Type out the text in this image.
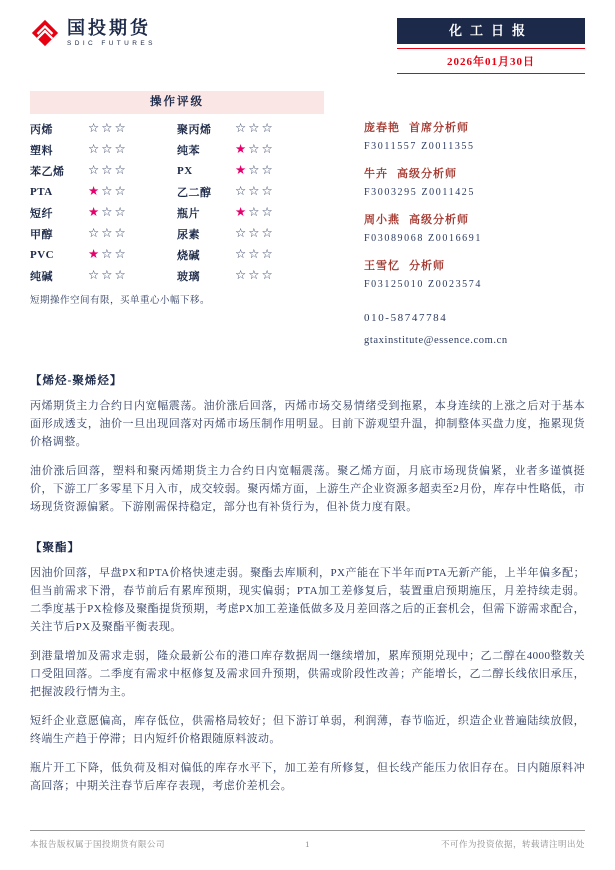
国投期货
SDIC FUTURES
化工日报
2026年01月30日
操作评级
丙烯	☆☆☆	聚丙烯	☆☆☆
塑料	☆☆☆	纯苯	★☆☆
苯乙烯	☆☆☆	PX	★☆☆
PTA	★☆☆	乙二醇	☆☆☆
短纤	★☆☆	瓶片	★☆☆
甲醇	☆☆☆	尿素	☆☆☆
PVC	★☆☆	烧碱	☆☆☆
纯碱	☆☆☆	玻璃	☆☆☆
短期操作空间有限，买单重心小幅下移。
庞春艳 首席分析师
F3011557 Z0011355
牛卉 高级分析师
F3003295 Z0011425
周小燕 高级分析师
F03089068 Z0016691
王雪忆 分析师
F03125010 Z0023574
010-58747784
gtaxinstitute@essence.com.cn
【烯烃-聚烯烃】

丙烯期货主力合约日内宽幅震荡。油价涨后回落，丙烯市场交易情绪受到拖累，本身连续的上涨之后对于基本面形成透支，油价一旦出现回落对丙烯市场压制作用明显。目前下游观望升温，抑制整体买盘力度，拖累现货价格调整。

油价涨后回落，塑料和聚丙烯期货主力合约日内宽幅震荡。聚乙烯方面，月底市场现货偏紧，业者多谨慎挺价，下游工厂多零星下月入市，成交较弱。聚丙烯方面，上游生产企业资源多超卖至2月份，库存中性略低，市场现货资源偏紧。下游刚需保持稳定，部分也有补货行为，但补货力度有限。

【聚酯】

因油价回落，早盘PX和PTA价格快速走弱。聚酯去库顺利，PX产能在下半年而PTA无新产能，上半年偏多配；但当前需求下滑，春节前后有累库预期，现实偏弱；PTA加工差修复后，装置重启预期施压，月差持续走弱。二季度基于PX检修及聚酯提货预期，考虑PX加工差逢低做多及月差回落之后的正套机会，但需下游需求配合，关注节后PX及聚酯平衡表现。

到港量增加及需求走弱，隆众最新公布的港口库存数据周一继续增加，累库预期兑现中；乙二醇在4000整数关口受阻回落。二季度有需求中枢修复及需求回升预期，供需或阶段性改善；产能增长，乙二醇长线依旧承压，把握波段行情为主。

短纤企业意愿偏高，库存低位，供需格局较好；但下游订单弱，利润薄，春节临近，织造企业普遍陆续放假，终端生产趋于停滞；日内短纤价格跟随原料波动。

瓶片开工下降，低负荷及相对偏低的库存水平下，加工差有所修复，但长线产能压力依旧存在。日内随原料冲高回落；中期关注春节后库存表现，考虑价差机会。

本报告版权属于国投期货有限公司	1	不可作为投资依据，转载请注明出处
